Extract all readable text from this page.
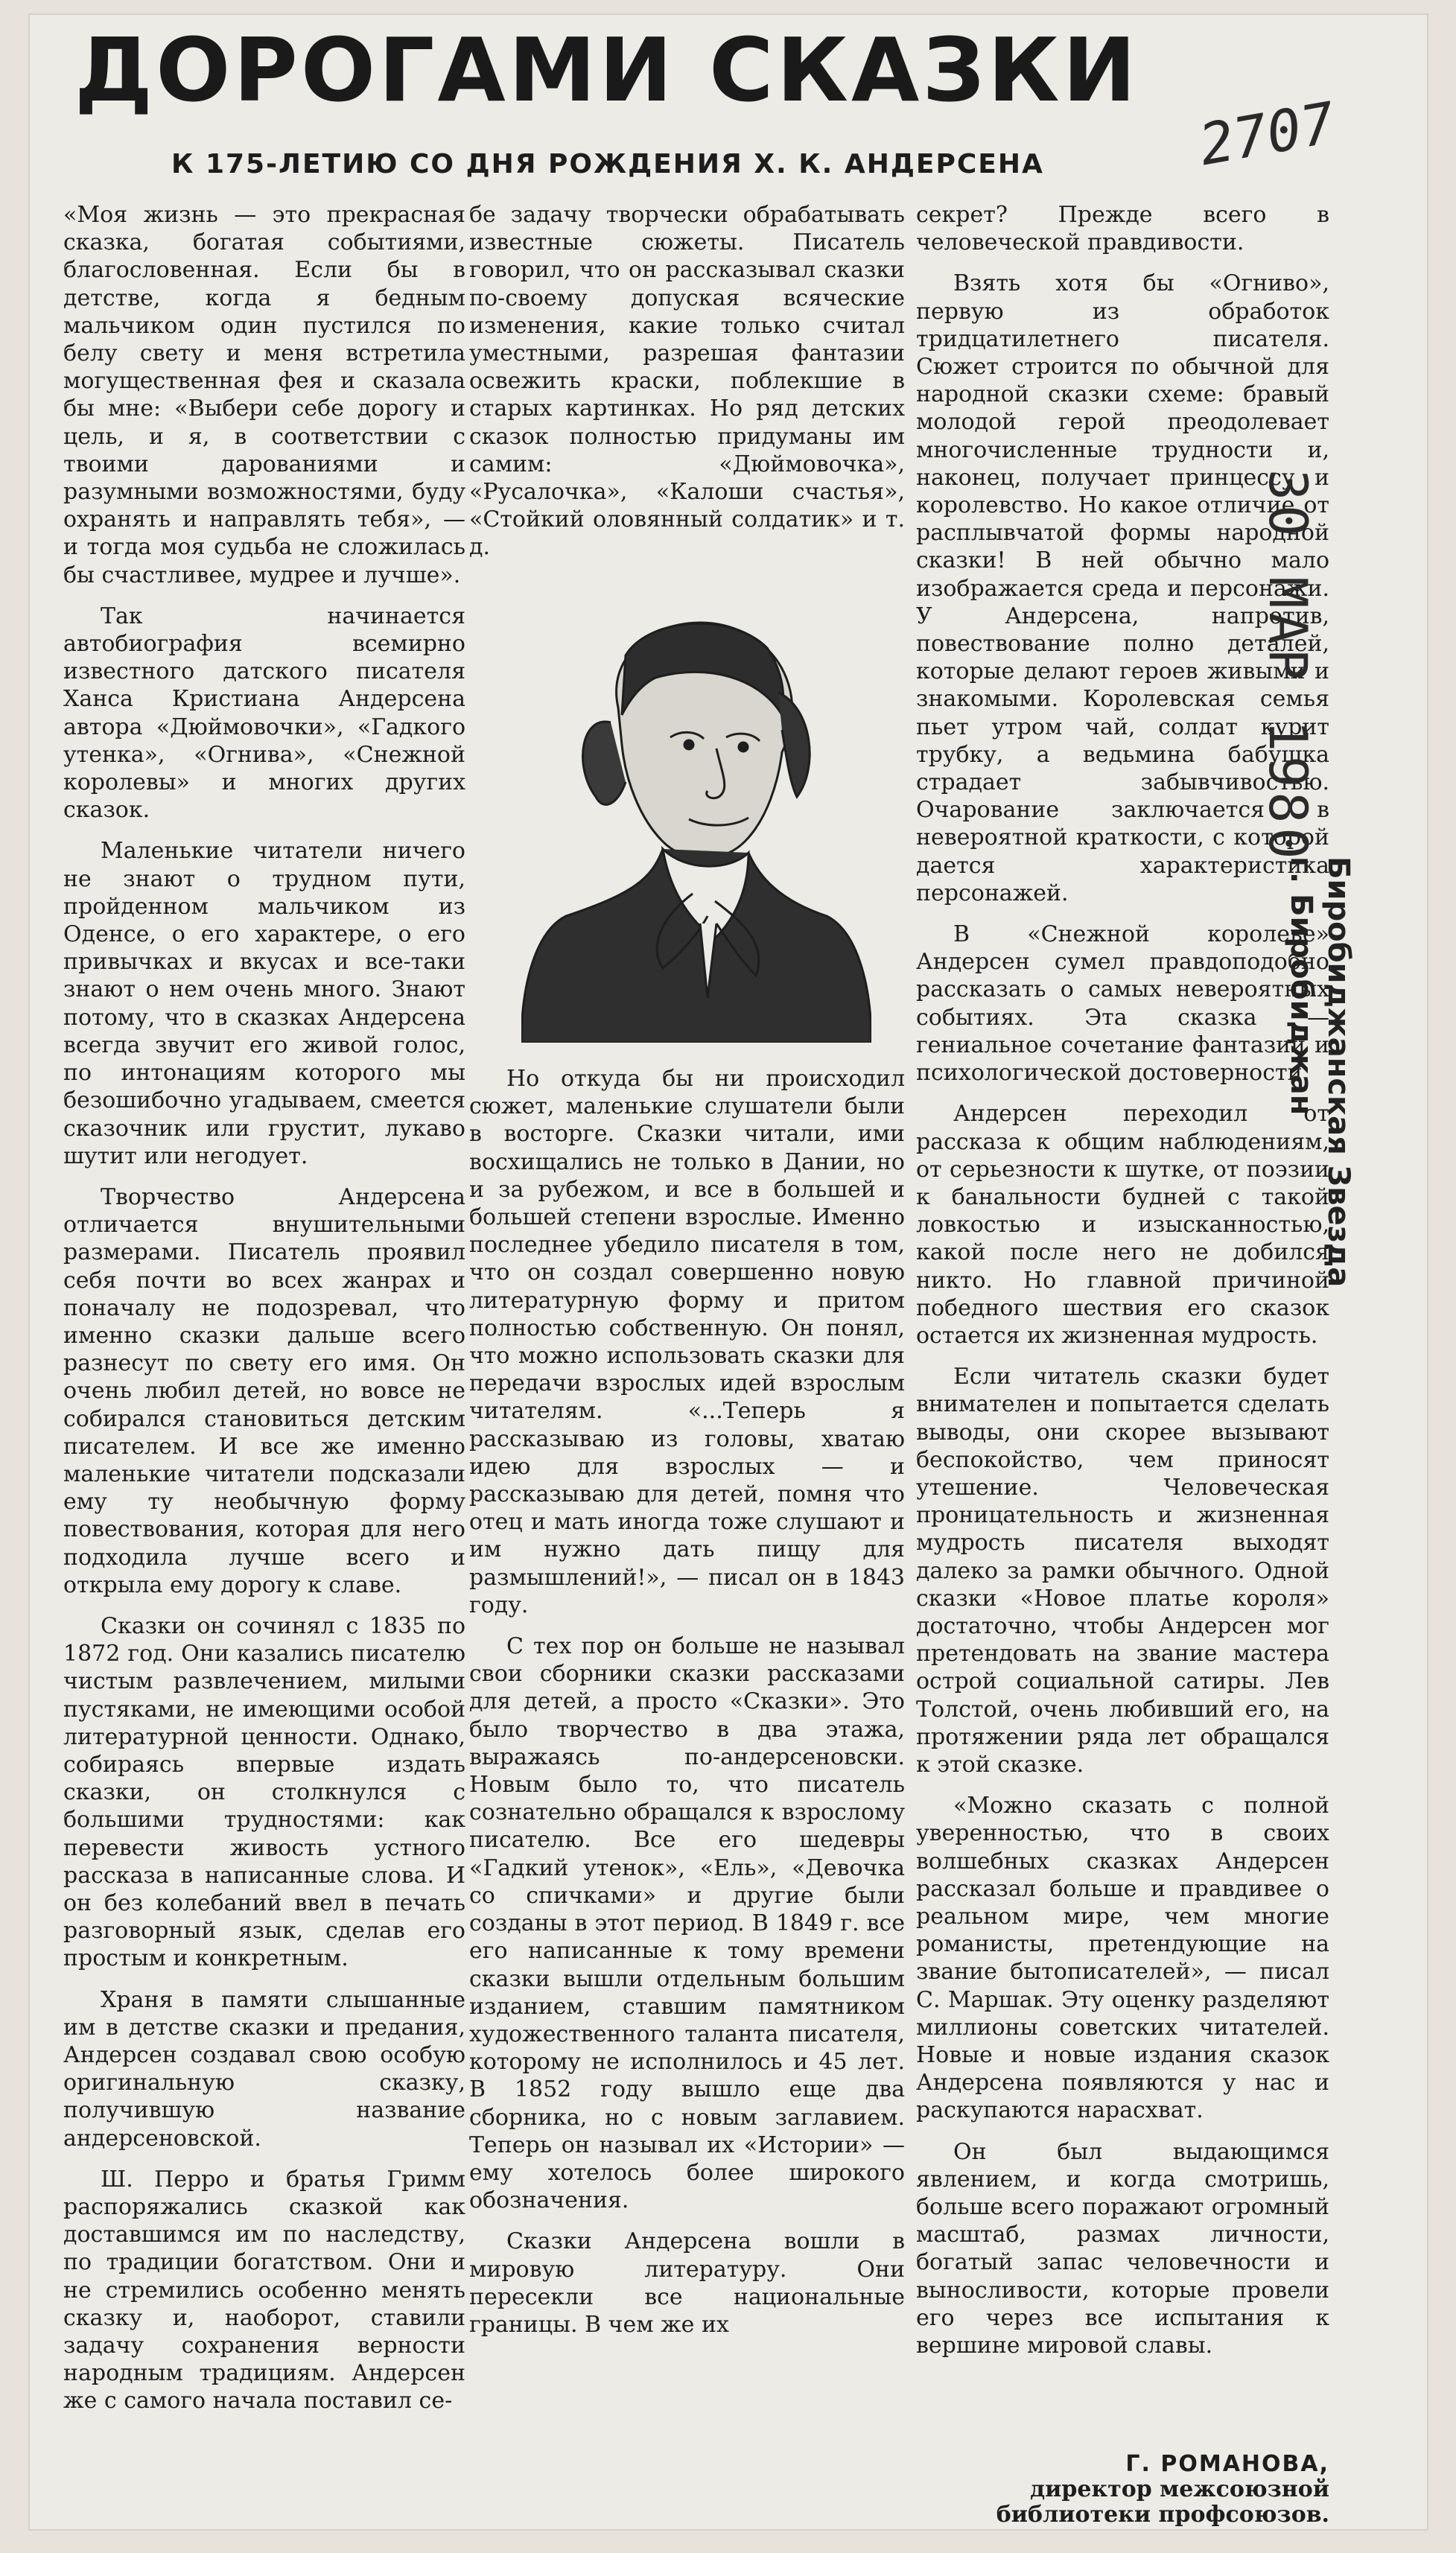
ДОРОГАМИ СКАЗКИ
К 175-ЛЕТИЮ СО ДНЯ РОЖДЕНИЯ Х. К. АНДЕРСЕНА	2707

«Моя жизнь — это прекрасная сказка, богатая событиями, благословенная. Если бы в детстве, когда я бедным мальчиком один пустился по белу свету и меня встретила могущественная фея и сказала бы мне: «Выбери себе дорогу и цель, и я, в соответствии с твоими дарованиями и разумными возможностями, буду охранять и направлять тебя», — и тогда моя судьба не сложилась бы счастливее, мудрее и лучше».

Так начинается автобиография всемирно известного датского писателя Ханса Кристиана Андерсена автора «Дюймовочки», «Гадкого утенка», «Огнива», «Снежной королевы» и многих других сказок.

Маленькие читатели ничего не знают о трудном пути, пройденном мальчиком из Оденсе, о его характере, о его привычках и вкусах и все-таки знают о нем очень много. Знают потому, что в сказках Андерсена всегда звучит его живой голос, по интонациям которого мы безошибочно угадываем, смеется сказочник или грустит, лукаво шутит или негодует.

Творчество Андерсена отличается внушительными размерами. Писатель проявил себя почти во всех жанрах и поначалу не подозревал, что именно сказки дальше всего разнесут по свету его имя. Он очень любил детей, но вовсе не собирался становиться детским писателем. И все же именно маленькие читатели подсказали ему ту необычную форму повествования, которая для него подходила лучше всего и открыла ему дорогу к славе.

Сказки он сочинял с 1835 по 1872 год. Они казались писателю чистым развлечением, милыми пустяками, не имеющими особой литературной ценности. Однако, собираясь впервые издать сказки, он столкнулся с большими трудностями: как перевести живость устного рассказа в написанные слова. И он без колебаний ввел в печать разговорный язык, сделав его простым и конкретным.

Храня в памяти слышанные им в детстве сказки и предания, Андерсен создавал свою особую оригинальную сказку, получившую название андерсеновской.

Ш. Перро и братья Гримм распоряжались сказкой как доставшимся им по наследству, по традиции богатством. Они и не стремились особенно менять сказку и, наоборот, ставили задачу сохранения верности народным традициям. Андерсен же с самого начала поставил се-

бе задачу творчески обрабатывать известные сюжеты. Писатель говорил, что он рассказывал сказки по-своему допуская всяческие изменения, какие только считал уместными, разрешая фантазии освежить краски, поблекшие в старых картинках. Но ряд детских сказок полностью придуманы им самим: «Дюймовочка», «Русалочка», «Калоши счастья», «Стойкий оловянный солдатик» и т. д.

Но откуда бы ни происходил сюжет, маленькие слушатели были в восторге. Сказки читали, ими восхищались не только в Дании, но и за рубежом, и все в большей и большей степени взрослые. Именно последнее убедило писателя в том, что он создал совершенно новую литературную форму и притом полностью собственную. Он понял, что можно использовать сказки для передачи взрослых идей взрослым читателям. «...Теперь я рассказываю из головы, хватаю идею для взрослых — и рассказываю для детей, помня что отец и мать иногда тоже слушают и им нужно дать пищу для размышлений!», — писал он в 1843 году.

С тех пор он больше не называл свои сборники сказки рассказами для детей, а просто «Сказки». Это было творчество в два этажа, выражаясь по-андерсеновски. Новым было то, что писатель сознательно обращался к взрослому писателю. Все его шедевры «Гадкий утенок», «Ель», «Девочка со спичками» и другие были созданы в этот период. В 1849 г. все его написанные к тому времени сказки вышли отдельным большим изданием, ставшим памятником художественного таланта писателя, которому не исполнилось и 45 лет. В 1852 году вышло еще два сборника, но с новым заглавием. Теперь он называл их «Истории» — ему хотелось более широкого обозначения.

Сказки Андерсена вошли в мировую литературу. Они пересекли все национальные границы. В чем же их

секрет? Прежде всего в человеческой правдивости.

Взять хотя бы «Огниво», первую из обработок тридцатилетнего писателя. Сюжет строится по обычной для народной сказки схеме: бравый молодой герой преодолевает многочисленные трудности и, наконец, получает принцессу и королевство. Но какое отличие от расплывчатой формы народной сказки! В ней обычно мало изображается среда и персонажи. У Андерсена, напротив, повествование полно деталей, которые делают героев живыми и знакомыми. Королевская семья пьет утром чай, солдат курит трубку, а ведьмина бабушка страдает забывчивостью. Очарование заключается в невероятной краткости, с которой дается характеристика персонажей.

В «Снежной королеве» Андерсен сумел правдоподобно рассказать о самых невероятных событиях. Эта сказка — гениальное сочетание фантазии и психологической достоверности.

Андерсен переходил от рассказа к общим наблюдениям, от серьезности к шутке, от поэзии к банальности будней с такой ловкостью и изысканностью, какой после него не добился никто. Но главной причиной победного шествия его сказок остается их жизненная мудрость.

Если читатель сказки будет внимателен и попытается сделать выводы, они скорее вызывают беспокойство, чем приносят утешение. Человеческая проницательность и жизненная мудрость писателя выходят далеко за рамки обычного. Одной сказки «Новое платье короля» достаточно, чтобы Андерсен мог претендовать на звание мастера острой социальной сатиры. Лев Толстой, очень любивший его, на протяжении ряда лет обращался к этой сказке.

«Можно сказать с полной уверенностью, что в своих волшебных сказках Андерсен рассказал больше и правдивее о реальном мире, чем многие романисты, претендующие на звание бытописателей», — писал С. Маршак. Эту оценку разделяют миллионы советских читателей. Новые и новые издания сказок Андерсена появляются у нас и раскупаются нарасхват.

Он был выдающимся явлением, и когда смотришь, больше всего поражают огромный масштаб, размах личности, богатый запас человечности и выносливости, которые провели его через все испытания к вершине мировой славы.

Г. РОМАНОВА,
директор межсоюзной
библиотеки профсоюзов.
30 МАР 1980
Биробиджанская Звезда
г. Биробиджан
